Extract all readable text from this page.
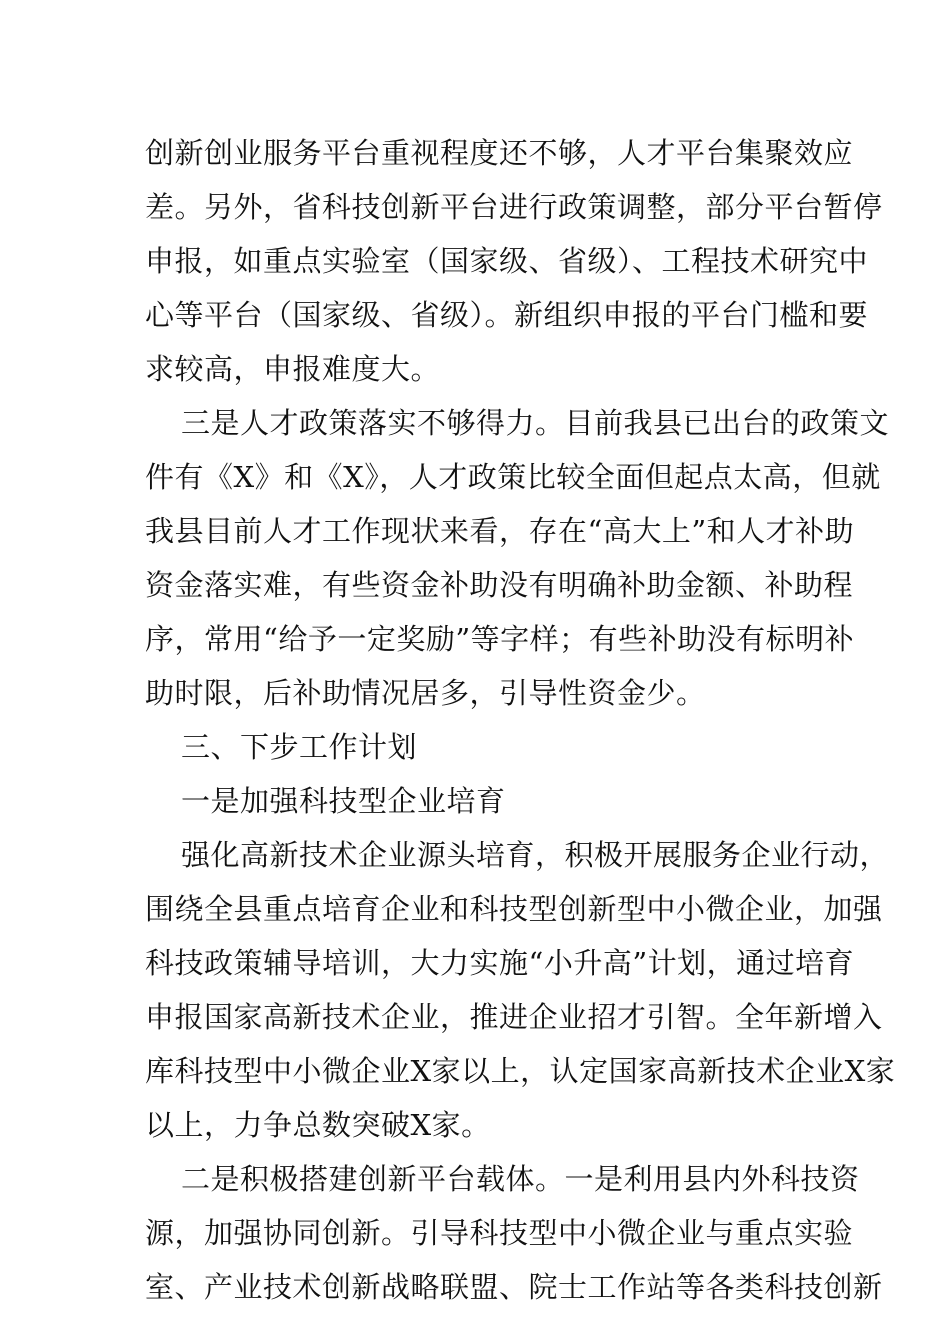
创新创业服务平台重视程度还不够，人才平台集聚效应
差。另外，省科技创新平台进行政策调整，部分平台暂停
申报，如重点实验室（国家级、省级）、工程技术研究中
心等平台（国家级、省级）。新组织申报的平台门槛和要
求较高，申报难度大。
三是人才政策落实不够得力。目前我县已出台的政策文
件有《X》和《X》，人才政策比较全面但起点太高，但就
我县目前人才工作现状来看，存在“高大上”和人才补助
资金落实难，有些资金补助没有明确补助金额、补助程
序，常用“给予一定奖励”等字样；有些补助没有标明补
助时限，后补助情况居多，引导性资金少。
三、下步工作计划
一是加强科技型企业培育
强化高新技术企业源头培育，积极开展服务企业行动，
围绕全县重点培育企业和科技型创新型中小微企业，加强
科技政策辅导培训，大力实施“小升高”计划，通过培育
申报国家高新技术企业，推进企业招才引智。全年新增入
库科技型中小微企业X家以上，认定国家高新技术企业X家
以上，力争总数突破X家。
二是积极搭建创新平台载体。一是利用县内外科技资
源，加强协同创新。引导科技型中小微企业与重点实验
室、产业技术创新战略联盟、院士工作站等各类科技创新
